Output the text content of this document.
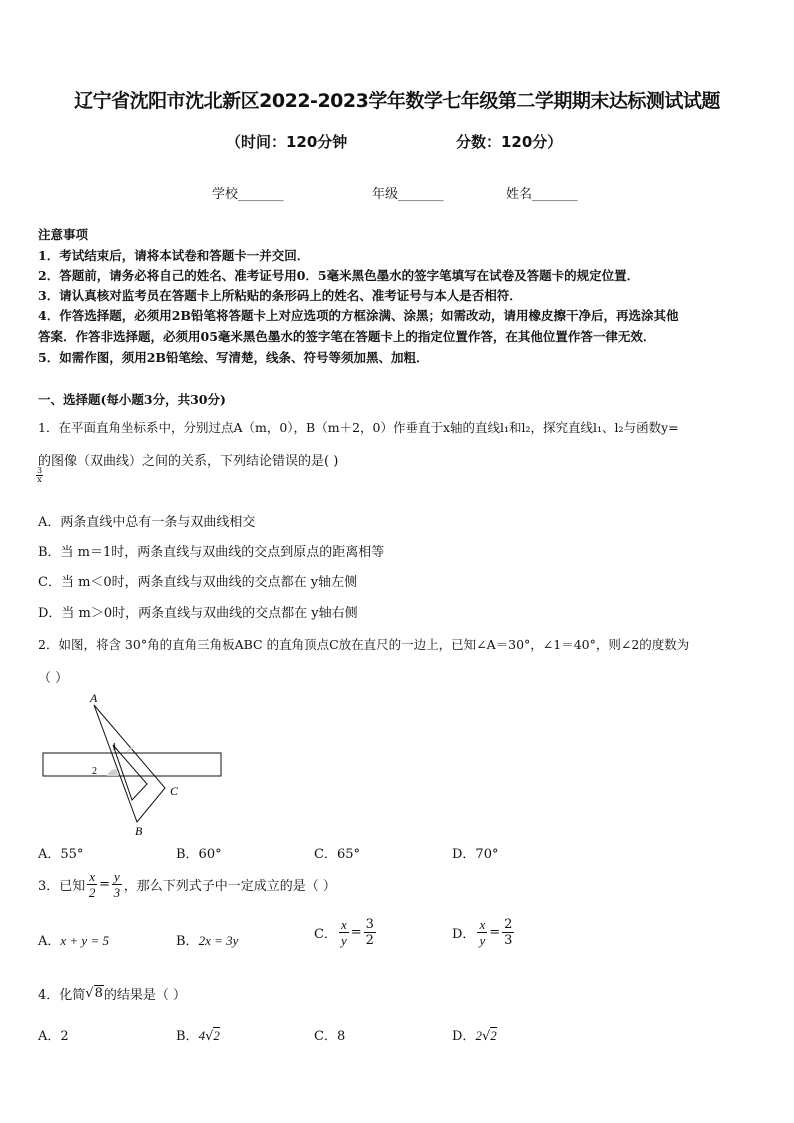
辽宁省沈阳市沈北新区2022-2023学年数学七年级第二学期期末达标测试试题
（时间：120分钟	分数：120分）
学校_______	年级_______	姓名_______
注意事项
1．考试结束后，请将本试卷和答题卡一并交回．
2．答题前，请务必将自己的姓名、准考证号用0．5毫米黑色墨水的签字笔填写在试卷及答题卡的规定位置．
3．请认真核对监考员在答题卡上所粘贴的条形码上的姓名、准考证号与本人是否相符．
4．作答选择题，必须用2B铅笔将答题卡上对应选项的方框涂满、涂黑；如需改动，请用橡皮擦干净后，再选涂其他
答案．作答非选择题，必须用05毫米黑色墨水的签字笔在答题卡上的指定位置作答，在其他位置作答一律无效．
5．如需作图，须用2B铅笔绘、写清楚，线条、符号等须加黑、加粗．
一、选择题(每小题3分，共30分)
1．在平面直角坐标系中，分别过点A（m，0），B（m＋2，0）作垂直于x轴的直线l₁和l₂，探究直线l₁、l₂与函数y=
$\frac{3}{x}$
的图像（双曲线）之间的关系，下列结论错误的是( )
A．两条直线中总有一条与双曲线相交
B．当 m＝1时，两条直线与双曲线的交点到原点的距离相等
C．当 m＜0时，两条直线与双曲线的交点都在 y轴左侧
D．当 m＞0时，两条直线与双曲线的交点都在 y轴右侧
2．如图，将含 30°角的直角三角板ABC 的直角顶点C放在直尺的一边上，已知∠A＝30°，∠1＝40°，则∠2的度数为
（ ）
A
B
C
1
2
A．55°	B．60°	C．65°	D．70°
3．已知 $\frac{x}{2} = \frac{y}{3}$ ，那么下列式子中一定成立的是（ ）
A．x + y = 5	B．2x = 3y	C． $\frac{x}{y} = \frac{3}{2}$	D． $\frac{x}{y} = \frac{2}{3}$
4．化简 √8 的结果是（ ）
A．2	B．4√2	C．8	D．2√2
